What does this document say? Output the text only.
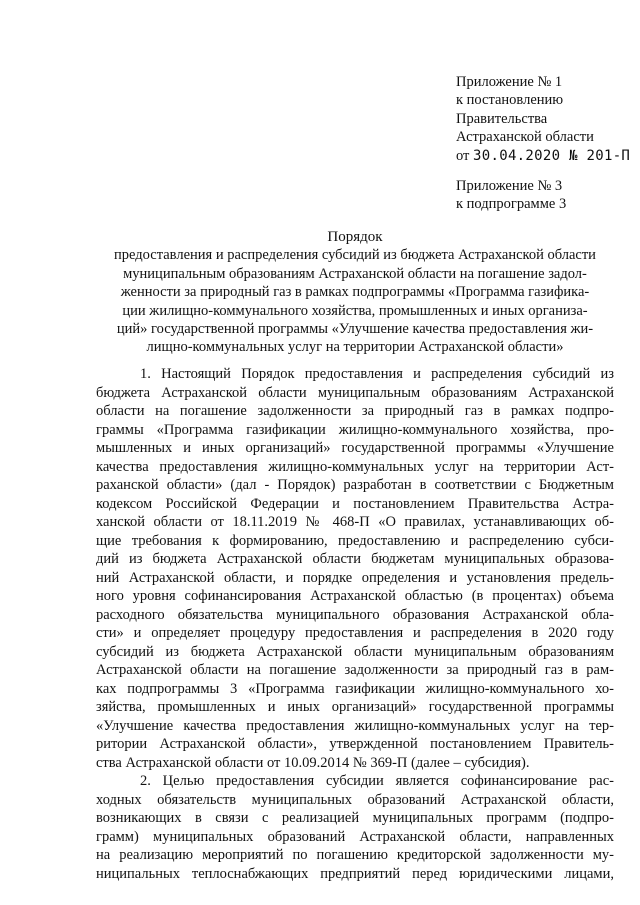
Приложение № 1
к постановлению
Правительства
Астраханской области
от 30.04.2020 № 201-П
Приложение № 3
к подпрограмме 3
Порядок
предоставления и распределения субсидий из бюджета Астраханской области
муниципальным образованиям Астраханской области на погашение задол-
женности за природный газ в рамках подпрограммы «Программа газифика-
ции жилищно-коммунального хозяйства, промышленных и иных организа-
ций» государственной программы «Улучшение качества предоставления жи-
лищно-коммунальных услуг на территории Астраханской области»
1. Настоящий Порядок предоставления и распределения субсидий из
бюджета Астраханской области муниципальным образованиям Астраханской
области на погашение задолженности за природный газ в рамках подпро-
граммы «Программа газификации жилищно-коммунального хозяйства, про-
мышленных и иных организаций» государственной программы «Улучшение
качества предоставления жилищно-коммунальных услуг на территории Аст-
раханской области» (дал - Порядок) разработан в соответствии с Бюджетным
кодексом Российской Федерации и постановлением Правительства Астра-
ханской области от 18.11.2019 № 468-П «О правилах, устанавливающих об-
щие требования к формированию, предоставлению и распределению субси-
дий из бюджета Астраханской области бюджетам муниципальных образова-
ний Астраханской области, и порядке определения и установления предель-
ного уровня софинансирования Астраханской областью (в процентах) объема
расходного обязательства муниципального образования Астраханской обла-
сти» и определяет процедуру предоставления и распределения в 2020 году
субсидий из бюджета Астраханской области муниципальным образованиям
Астраханской области на погашение задолженности за природный газ в рам-
ках подпрограммы 3 «Программа газификации жилищно-коммунального хо-
зяйства, промышленных и иных организаций» государственной программы
«Улучшение качества предоставления жилищно-коммунальных услуг на тер-
ритории Астраханской области», утвержденной постановлением Правитель-
ства Астраханской области от 10.09.2014 № 369-П (далее – субсидия).
2. Целью предоставления субсидии является софинансирование рас-
ходных обязательств муниципальных образований Астраханской области,
возникающих в связи с реализацией муниципальных программ (подпро-
грамм) муниципальных образований Астраханской области, направленных
на реализацию мероприятий по погашению кредиторской задолженности му-
ниципальных теплоснабжающих предприятий перед юридическими лицами,
